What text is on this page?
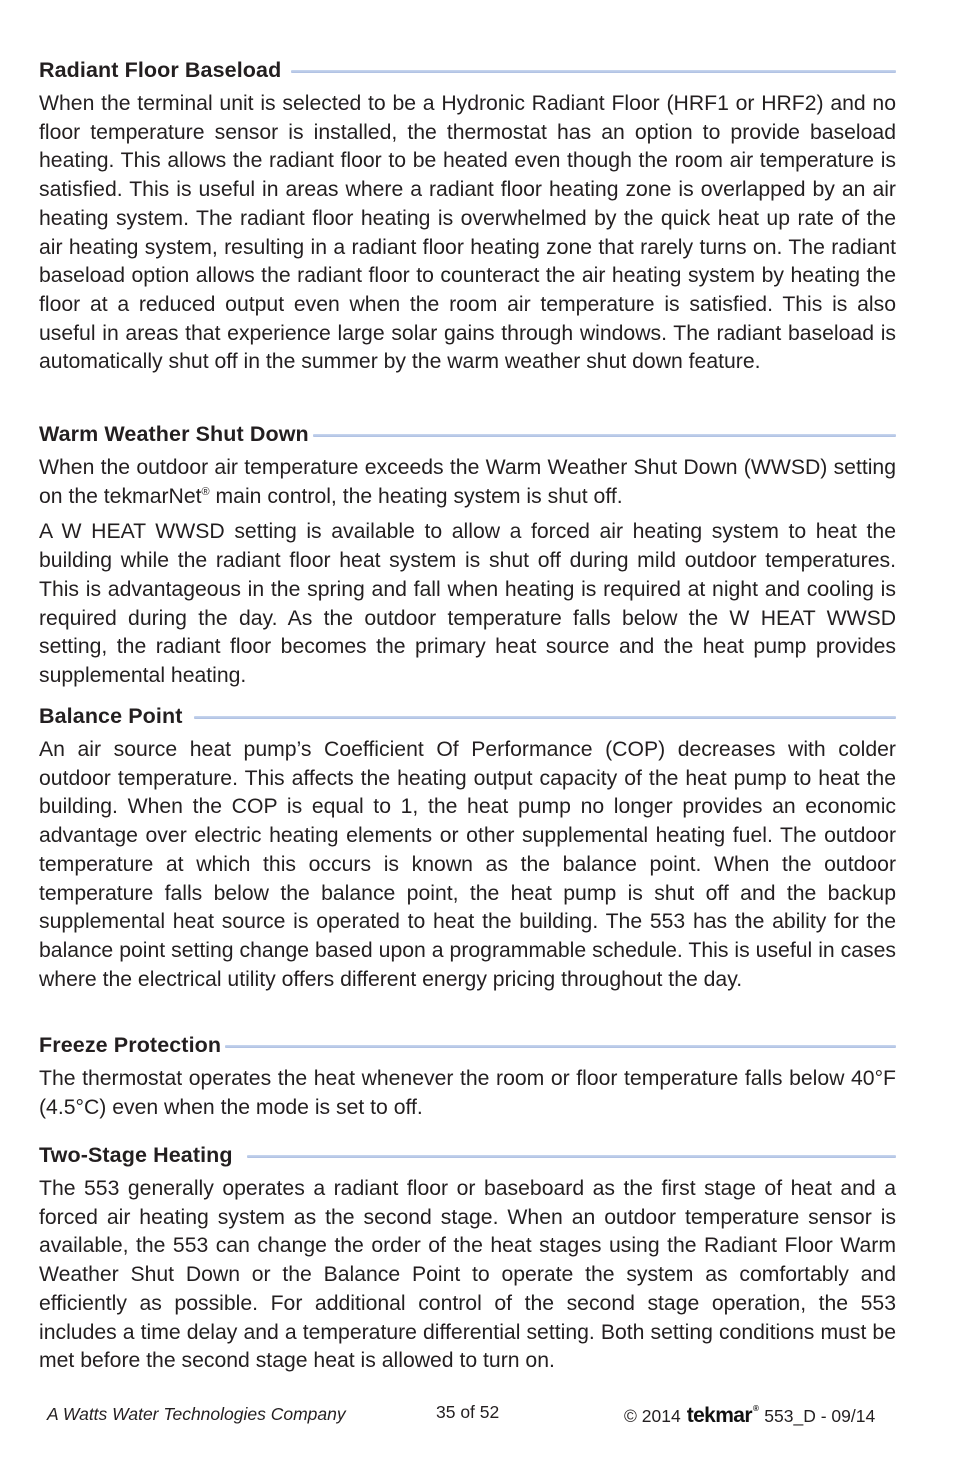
Radiant Floor Baseload

When the terminal unit is selected to be a Hydronic Radiant Floor (HRF1 or HRF2) and no floor temperature sensor is installed, the thermostat has an option to provide baseload heating. This allows the radiant floor to be heated even though the room air temperature is satisfied. This is useful in areas where a radiant floor heating zone is overlapped by an air heating system. The radiant floor heating is overwhelmed by the quick heat up rate of the air heating system, resulting in a radiant floor heating zone that rarely turns on. The radiant baseload option allows the radiant floor to counteract the air heating system by heating the floor at a reduced output even when the room air temperature is satisfied. This is also useful in areas that experience large solar gains through windows. The radiant baseload is automatically shut off in the summer by the warm weather shut down feature.

Warm Weather Shut Down

When the outdoor air temperature exceeds the Warm Weather Shut Down (WWSD) setting on the tekmarNet® main control, the heating system is shut off.

A W HEAT WWSD setting is available to allow a forced air heating system to heat the building while the radiant floor heat system is shut off during mild outdoor temperatures. This is advantageous in the spring and fall when heating is required at night and cooling is required during the day. As the outdoor temperature falls below the W HEAT WWSD setting, the radiant floor becomes the primary heat source and the heat pump provides supplemental heating.

Balance Point

An air source heat pump’s Coefficient Of Performance (COP) decreases with colder outdoor temperature. This affects the heating output capacity of the heat pump to heat the building. When the COP is equal to 1, the heat pump no longer provides an economic advantage over electric heating elements or other supplemental heating fuel. The outdoor temperature at which this occurs is known as the balance point. When the outdoor temperature falls below the balance point, the heat pump is shut off and the backup supplemental heat source is operated to heat the building. The 553 has the ability for the balance point setting change based upon a programmable schedule. This is useful in cases where the electrical utility offers different energy pricing throughout the day.

Freeze Protection

The thermostat operates the heat whenever the room or floor temperature falls below 40°F (4.5°C) even when the mode is set to off.

Two-Stage Heating

The 553 generally operates a radiant floor or baseboard as the first stage of heat and a forced air heating system as the second stage. When an outdoor temperature sensor is available, the 553 can change the order of the heat stages using the Radiant Floor Warm Weather Shut Down or the Balance Point to operate the system as comfortably and efficiently as possible. For additional control of the second stage operation, the 553 includes a time delay and a temperature differential setting. Both setting conditions must be met before the second stage heat is allowed to turn on.

A Watts Water Technologies Company	35 of 52	© 2014 tekmar® 553_D - 09/14
